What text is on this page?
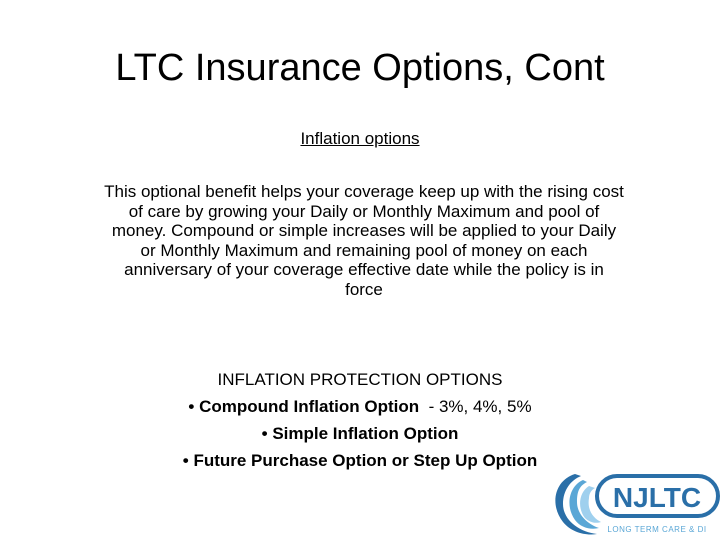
LTC Insurance Options, Cont
Inflation options
This optional benefit helps your coverage keep up with the rising cost
of care by growing your Daily or Monthly Maximum and pool of
money. Compound or simple increases will be applied to your Daily
or Monthly Maximum and remaining pool of money on each
anniversary of your coverage effective date while the policy is in
force
INFLATION PROTECTION OPTIONS
• Compound Inflation Option  - 3%, 4%, 5%
• Simple Inflation Option
• Future Purchase Option or Step Up Option
NJLTC
LONG TERM CARE & DI
